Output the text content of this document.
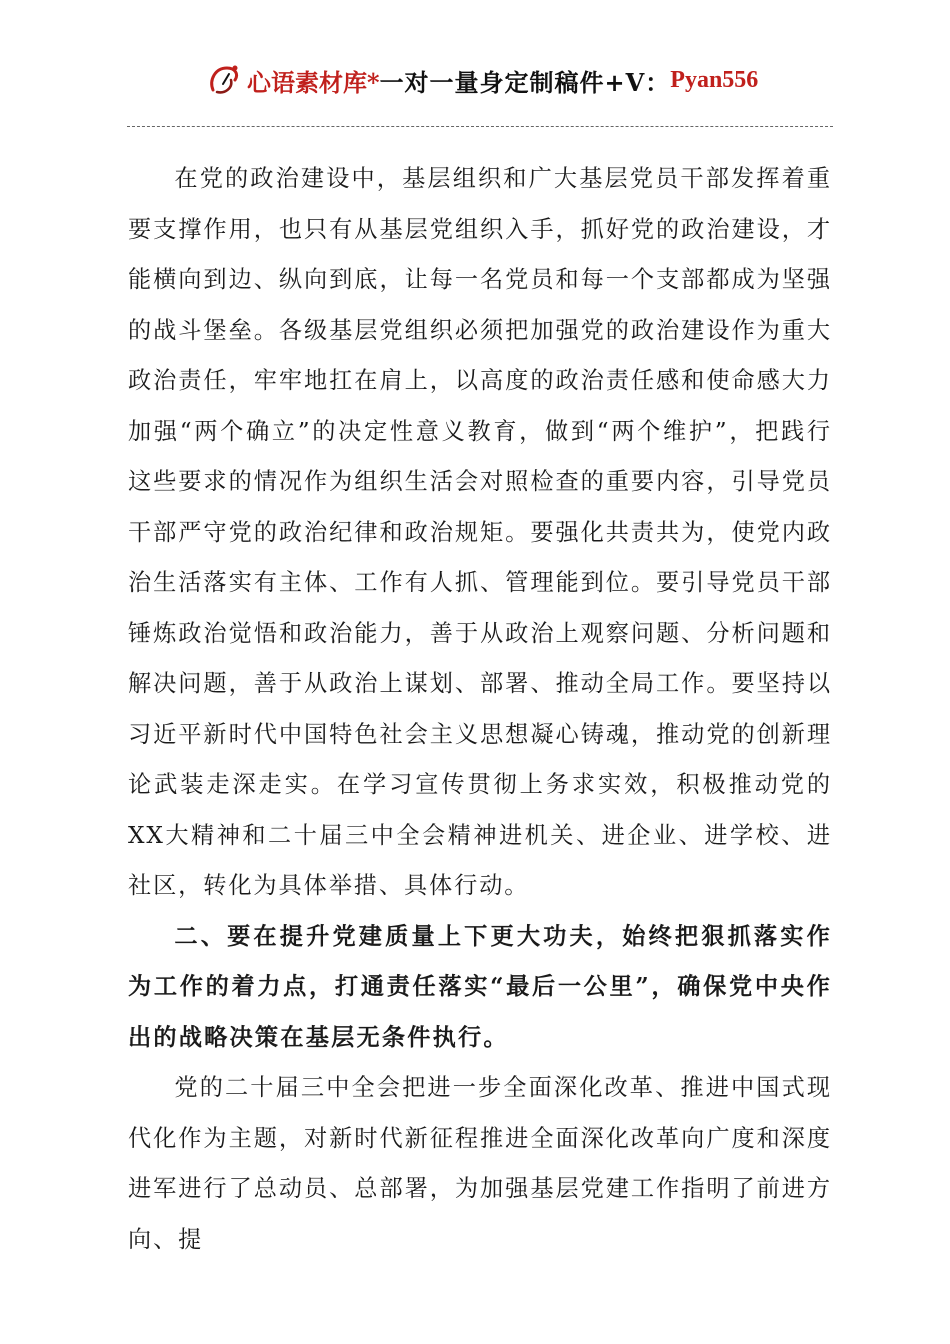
心语素材库* 一对一量身定制稿件+V： Pyan556

在党的政治建设中，基层组织和广大基层党员干部发挥着重要支撑作用，也只有从基层党组织入手，抓好党的政治建设，才能横向到边、纵向到底，让每一名党员和每一个支部都成为坚强的战斗堡垒。各级基层党组织必须把加强党的政治建设作为重大政治责任，牢牢地扛在肩上，以高度的政治责任感和使命感大力加强“两个确立”的决定性意义教育，做到“两个维护”，把践行这些要求的情况作为组织生活会对照检查的重要内容，引导党员干部严守党的政治纪律和政治规矩。要强化共责共为，使党内政治生活落实有主体、工作有人抓、管理能到位。要引导党员干部锤炼政治觉悟和政治能力，善于从政治上观察问题、分析问题和解决问题，善于从政治上谋划、部署、推动全局工作。要坚持以习近平新时代中国特色社会主义思想凝心铸魂，推动党的创新理论武装走深走实。在学习宣传贯彻上务求实效，积极推动党的XX大精神和二十届三中全会精神进机关、进企业、进学校、进社区，转化为具体举措、具体行动。

二、要在提升党建质量上下更大功夫，始终把狠抓落实作为工作的着力点，打通责任落实“最后一公里”，确保党中央作出的战略决策在基层无条件执行。

党的二十届三中全会把进一步全面深化改革、推进中国式现代化作为主题，对新时代新征程推进全面深化改革向广度和深度进军进行了总动员、总部署，为加强基层党建工作指明了前进方向、提
